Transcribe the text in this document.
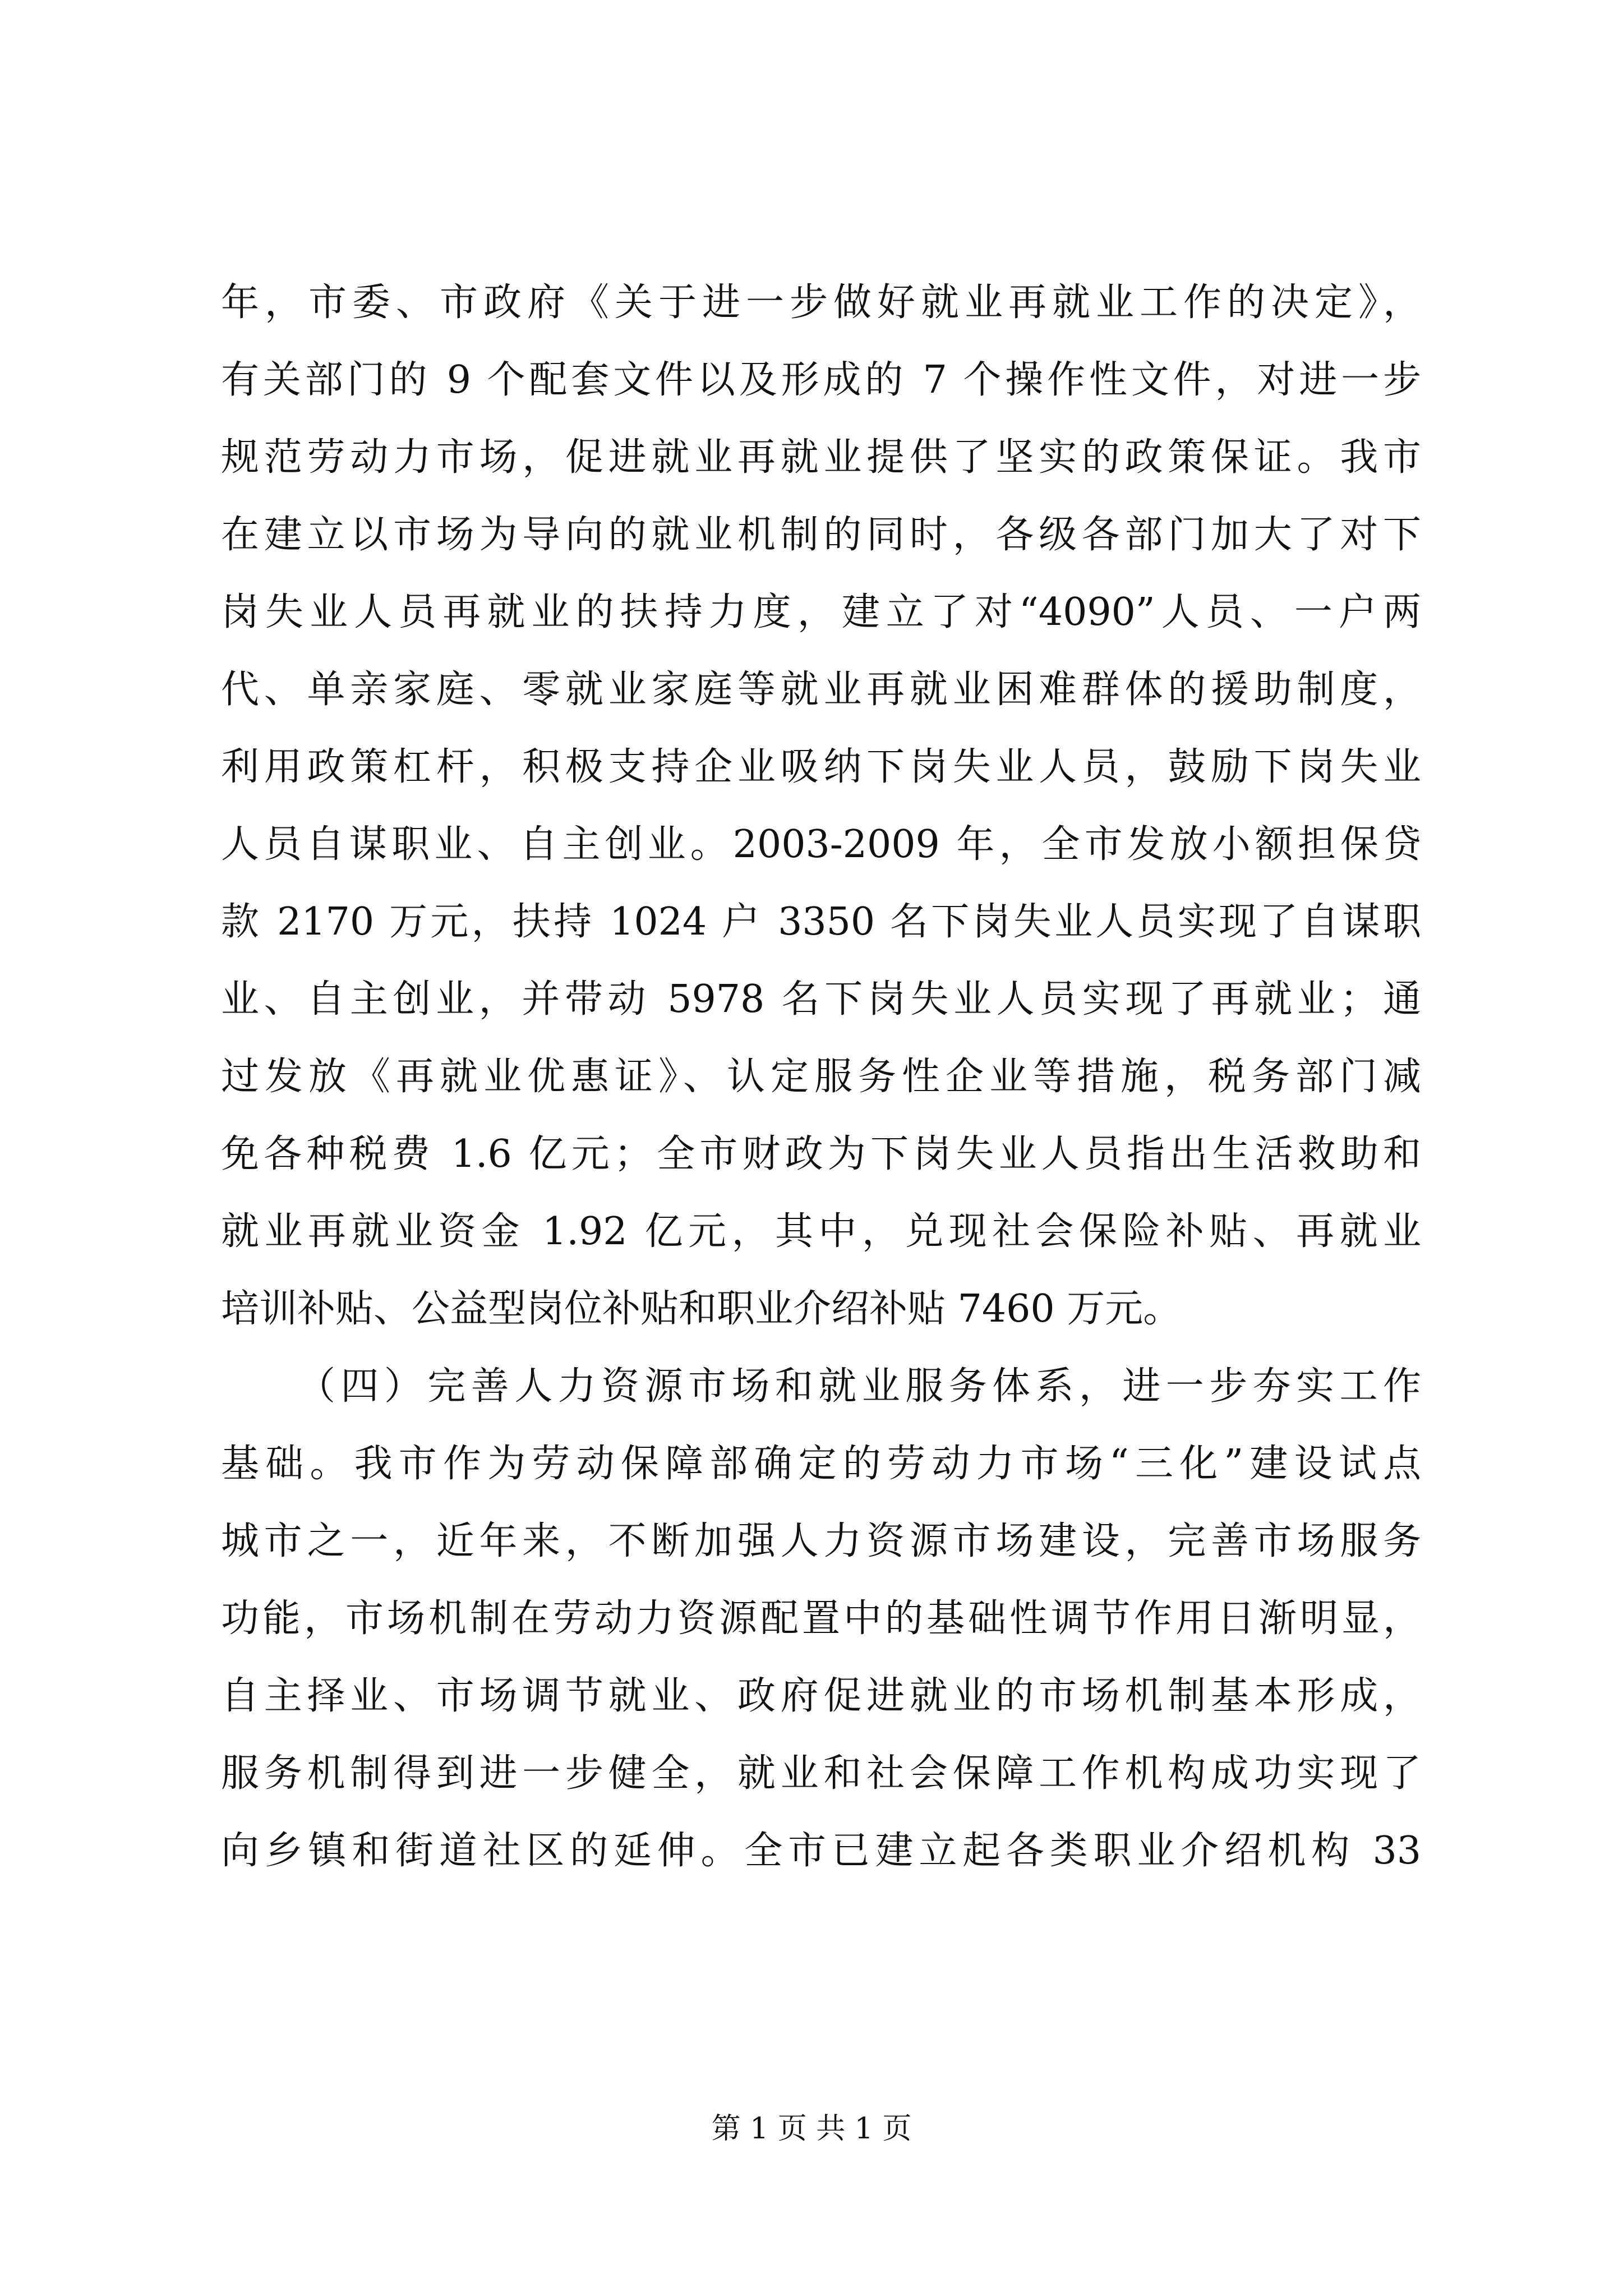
年，市委、市政府《关于进一步做好就业再就业工作的决定》，
有关部门的 9 个配套文件以及形成的 7 个操作性文件，对进一步
规范劳动力市场，促进就业再就业提供了坚实的政策保证。我市
在建立以市场为导向的就业机制的同时，各级各部门加大了对下
岗失业人员再就业的扶持力度，建立了对“4090”人员、一户两
代、单亲家庭、零就业家庭等就业再就业困难群体的援助制度，
利用政策杠杆，积极支持企业吸纳下岗失业人员，鼓励下岗失业
人员自谋职业、自主创业。2003-2009 年，全市发放小额担保贷
款 2170 万元，扶持 1024 户 3350 名下岗失业人员实现了自谋职
业、自主创业，并带动 5978 名下岗失业人员实现了再就业；通
过发放《再就业优惠证》、认定服务性企业等措施，税务部门减
免各种税费 1.6 亿元；全市财政为下岗失业人员指出生活救助和
就业再就业资金 1.92 亿元，其中，兑现社会保险补贴、再就业
培训补贴、公益型岗位补贴和职业介绍补贴 7460 万元。
（四）完善人力资源市场和就业服务体系，进一步夯实工作
基础。我市作为劳动保障部确定的劳动力市场“三化”建设试点
城市之一，近年来，不断加强人力资源市场建设，完善市场服务
功能，市场机制在劳动力资源配置中的基础性调节作用日渐明显，
自主择业、市场调节就业、政府促进就业的市场机制基本形成，
服务机制得到进一步健全，就业和社会保障工作机构成功实现了
向乡镇和街道社区的延伸。全市已建立起各类职业介绍机构 33
第 1 页 共 1 页
